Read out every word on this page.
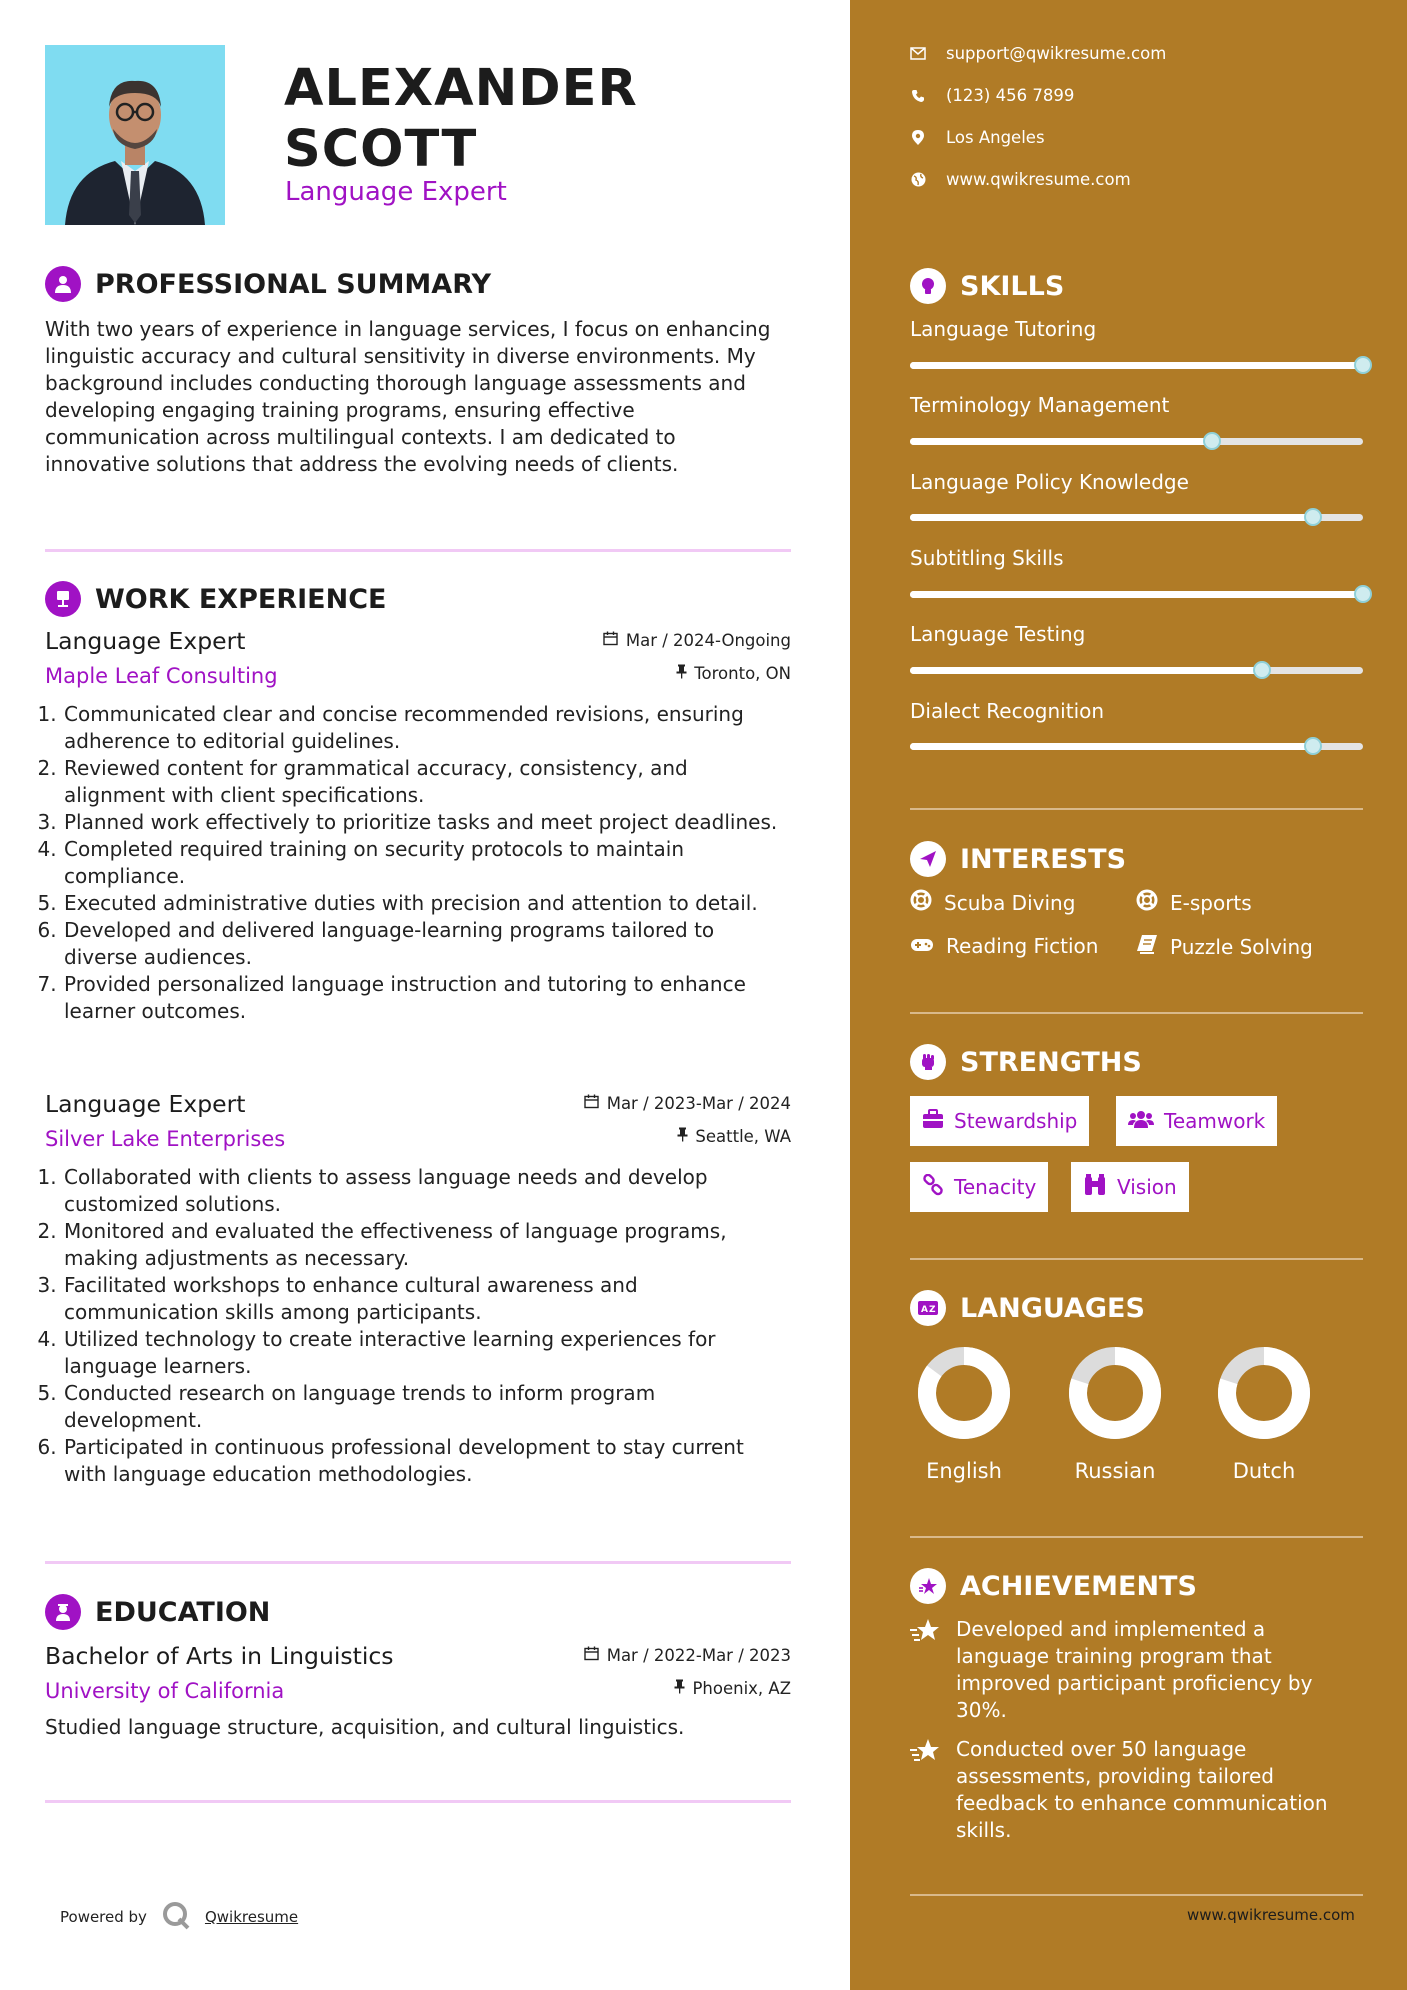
ALEXANDER
SCOTT
Language Expert
PROFESSIONAL SUMMARY
With two years of experience in language services, I focus on enhancing linguistic accuracy and cultural sensitivity in diverse environments. My background includes conducting thorough language assessments and developing engaging training programs, ensuring effective communication across multilingual contexts. I am dedicated to innovative solutions that address the evolving needs of clients.
WORK EXPERIENCE
Language Expert
Maple Leaf Consulting
Mar / 2024-Ongoing
Toronto, ON
1. Communicated clear and concise recommended revisions, ensuring adherence to editorial guidelines.
2. Reviewed content for grammatical accuracy, consistency, and alignment with client specifications.
3. Planned work effectively to prioritize tasks and meet project deadlines.
4. Completed required training on security protocols to maintain compliance.
5. Executed administrative duties with precision and attention to detail.
6. Developed and delivered language-learning programs tailored to diverse audiences.
7. Provided personalized language instruction and tutoring to enhance learner outcomes.
Language Expert
Silver Lake Enterprises
Mar / 2023-Mar / 2024
Seattle, WA
1. Collaborated with clients to assess language needs and develop customized solutions.
2. Monitored and evaluated the effectiveness of language programs, making adjustments as necessary.
3. Facilitated workshops to enhance cultural awareness and communication skills among participants.
4. Utilized technology to create interactive learning experiences for language learners.
5. Conducted research on language trends to inform program development.
6. Participated in continuous professional development to stay current with language education methodologies.
EDUCATION
Bachelor of Arts in Linguistics
University of California
Mar / 2022-Mar / 2023
Phoenix, AZ
Studied language structure, acquisition, and cultural linguistics.
Powered by	Qwikresume
support@qwikresume.com
(123) 456 7899
Los Angeles
www.qwikresume.com
SKILLS
Language Tutoring
Terminology Management
Language Policy Knowledge
Subtitling Skills
Language Testing
Dialect Recognition
INTERESTS
Scuba Diving	E-sports
Reading Fiction	Puzzle Solving
STRENGTHS
Stewardship	Teamwork
Tenacity	Vision
A Z LANGUAGES
English	Russian	Dutch
ACHIEVEMENTS
Developed and implemented a language training program that improved participant proficiency by 30%.
Conducted over 50 language assessments, providing tailored feedback to enhance communication skills.
www.qwikresume.com
